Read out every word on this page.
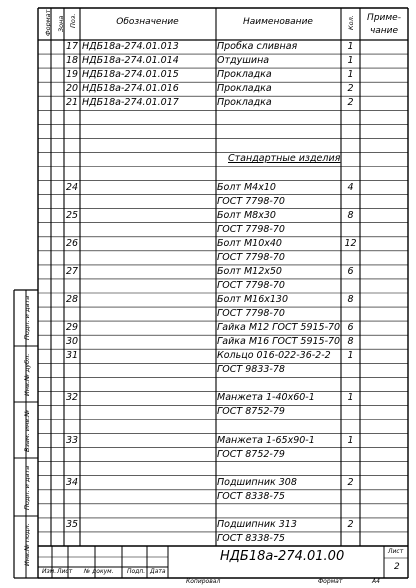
Формат Зона Поз.	Обозначение	Наименование	Кол.	Приме-
чание
17 НДБ18а-274.01.013	Пробка сливная	1
18 НДБ18а-274.01.014	Отдушина	1
19 НДБ18а-274.01.015	Прокладка	1
20 НДБ18а-274.01.016	Прокладка	2
21 НДБ18а-274.01.017	Прокладка	2
Стандартные изделия
24	Болт М4х10	4
ГОСТ 7798-70
25	Болт М8х30	8
ГОСТ 7798-70
26	Болт М10х40	12
ГОСТ 7798-70
27	Болт М12х50	6
ГОСТ 7798-70
28	Болт М16х130	8
ГОСТ 7798-70
29	Гайка М12 ГОСТ 5915-70 6
30	Гайка М16 ГОСТ 5915-70 8
31	Кольцо 016-022-36-2-2	1
ГОСТ 9833-78
32	Манжета 1-40х60-1	1
ГОСТ 8752-79
33	Манжета 1-65х90-1	1
ГОСТ 8752-79
34	Подшипник 308	2
ГОСТ 8338-75
35	Подшипник 313	2
ГОСТ 8338-75
Подп. и дата
Инв.№ дубл.
Взам. инв.№
Подп. и дата
Инв.№ подл.
Изм. Лист № докум. Подп. Дата
НДБ18а-274.01.00	Лист
2
Копировал	Формат	А4
